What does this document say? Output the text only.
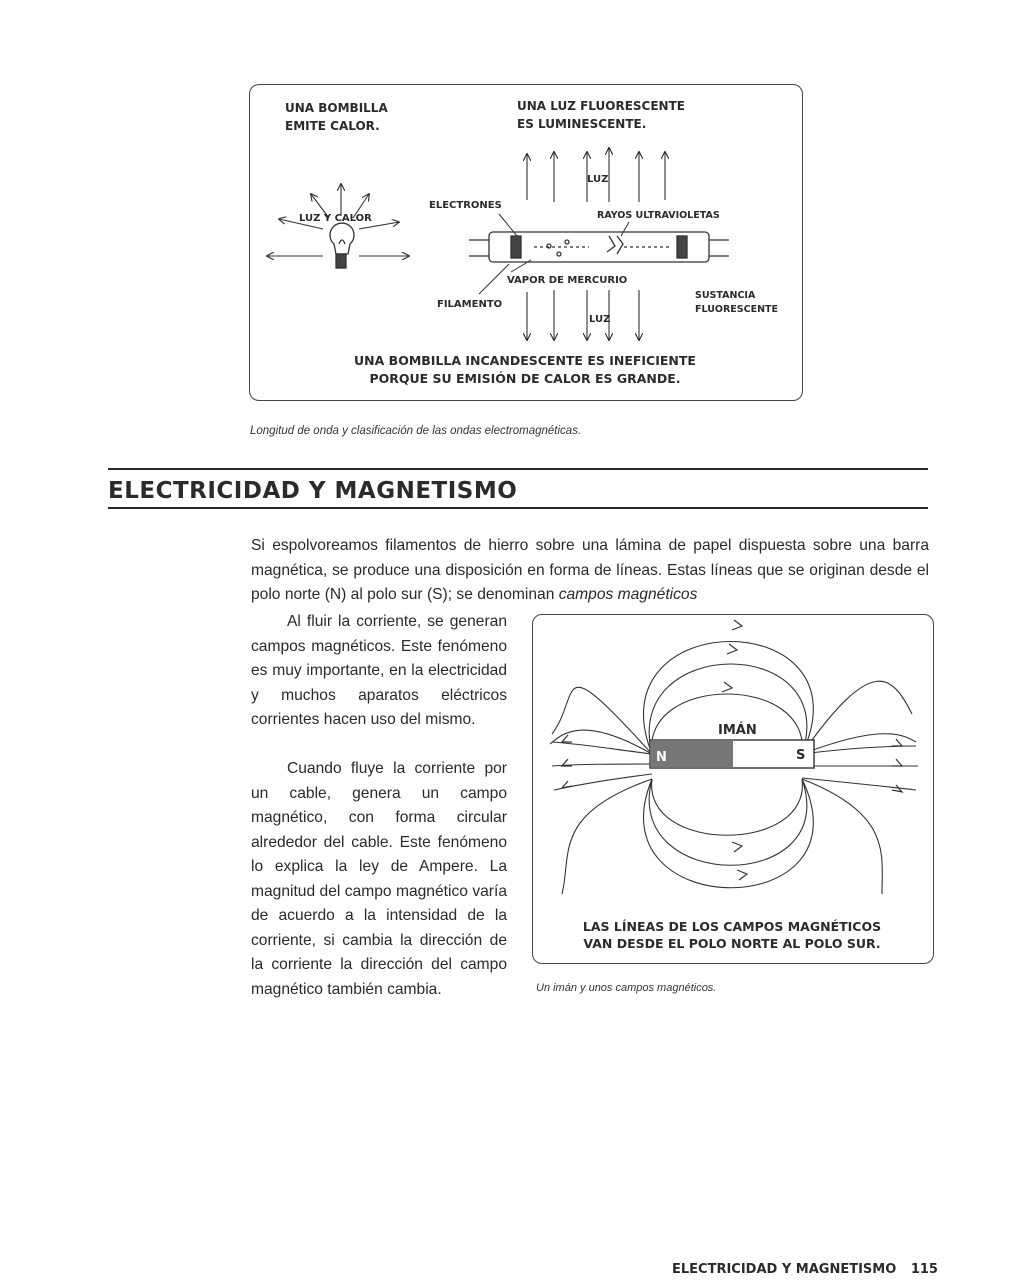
UNA BOMBILLA
EMITE CALOR.
UNA LUZ FLUORESCENTE
ES LUMINESCENTE.
LUZ Y CALOR
ELECTRONES
LUZ
RAYOS ULTRAVIOLETAS
VAPOR DE MERCURIO
FILAMENTO
LUZ
SUSTANCIA
FLUORESCENTE
UNA BOMBILLA INCANDESCENTE ES INEFICIENTE
PORQUE SU EMISIÓN DE CALOR ES GRANDE.
Longitud de onda y clasificación de las ondas electromagnéticas.
ELECTRICIDAD Y MAGNETISMO
Si espolvoreamos filamentos de hierro sobre una lámina de papel dispuesta sobre una barra magnética, se produce una disposición en forma de líneas. Estas líneas que se originan desde el polo norte (N) al polo sur (S); se denominan campos magnéticos
Al fluir la corriente, se generan campos magnéticos. Este fenómeno es muy importante, en la electricidad y muchos aparatos eléctricos corrientes hacen uso del mismo.
Cuando fluye la corriente por un cable, genera un campo magnético, con forma circular alrededor del cable. Este fenómeno lo explica la ley de Ampere. La magnitud del campo magnético varía de acuerdo a la intensidad de la corriente, si cambia la dirección de la corriente la dirección del campo magnético también cambia.
N	S
IMÁN
LAS LÍNEAS DE LOS CAMPOS MAGNÉTICOS
VAN DESDE EL POLO NORTE AL POLO SUR.
Un imán y unos campos magnéticos.
ELECTRICIDAD Y MAGNETISMO 115
